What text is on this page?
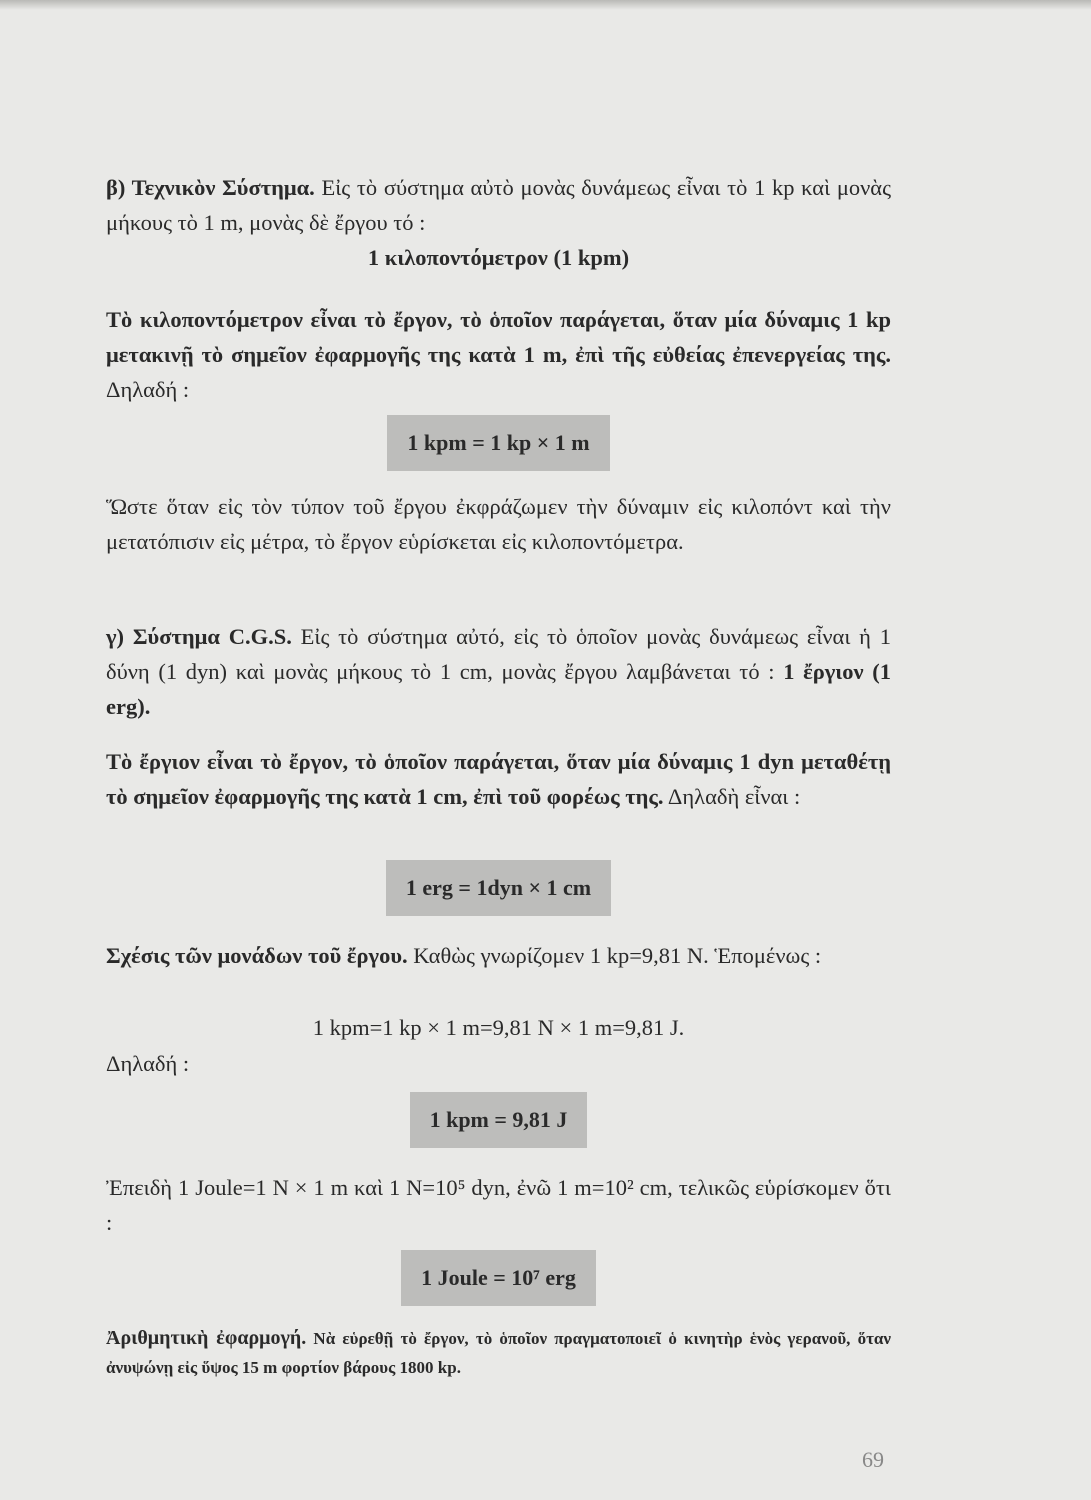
β) Τεχνικὸν Σύστημα. Εἰς τὸ σύστημα αὐτὸ μονὰς δυνάμεως εἶναι τὸ 1 kp καὶ μονὰς μήκους τὸ 1 m, μονὰς δὲ ἔργου τό :

1 κιλοποντόμετρον (1 kpm)

Τὸ κιλοποντόμετρον εἶναι τὸ ἔργον, τὸ ὁποῖον παράγεται, ὅταν μία δύναμις 1 kp μετακινῇ τὸ σημεῖον ἐφαρμογῆς της κατὰ 1 m, ἐπὶ τῆς εὐθείας ἐπενεργείας της. Δηλαδή :

1 kpm = 1 kp × 1 m

Ὥστε ὅταν εἰς τὸν τύπον τοῦ ἔργου ἐκφράζωμεν τὴν δύναμιν εἰς κιλοπόντ καὶ τὴν μετατόπισιν εἰς μέτρα, τὸ ἔργον εὑρίσκεται εἰς κιλοποντόμετρα.

γ) Σύστημα C.G.S. Εἰς τὸ σύστημα αὐτό, εἰς τὸ ὁποῖον μονὰς δυνάμεως εἶναι ἡ 1 δύνη (1 dyn) καὶ μονὰς μήκους τὸ 1 cm, μονὰς ἔργου λαμβάνεται τό : 1 ἔργιον (1 erg).

Τὸ ἔργιον εἶναι τὸ ἔργον, τὸ ὁποῖον παράγεται, ὅταν μία δύναμις 1 dyn μεταθέτῃ τὸ σημεῖον ἐφαρμογῆς της κατὰ 1 cm, ἐπὶ τοῦ φορέως της. Δηλαδὴ εἶναι :

1 erg = 1dyn × 1 cm

Σχέσις τῶν μονάδων τοῦ ἔργου. Καθὼς γνωρίζομεν 1 kp=9,81 N. Ἑπομένως :

1 kpm=1 kp × 1 m=9,81 N × 1 m=9,81 J.

Δηλαδή :

1 kpm = 9,81 J

Ἐπειδὴ 1 Joule=1 N × 1 m καὶ 1 N=10⁵ dyn, ἐνῶ 1 m=10² cm, τελικῶς εὑρίσκομεν ὅτι :

1 Joule = 10⁷ erg

Ἀριθμητικὴ ἐφαρμογή. Νὰ εὑρεθῇ τὸ ἔργον, τὸ ὁποῖον πραγματοποιεῖ ὁ κινητὴρ ἑνὸς γερανοῦ, ὅταν ἀνυψώνῃ εἰς ὕψος 15 m φορτίον βάρους 1800 kp.

69
